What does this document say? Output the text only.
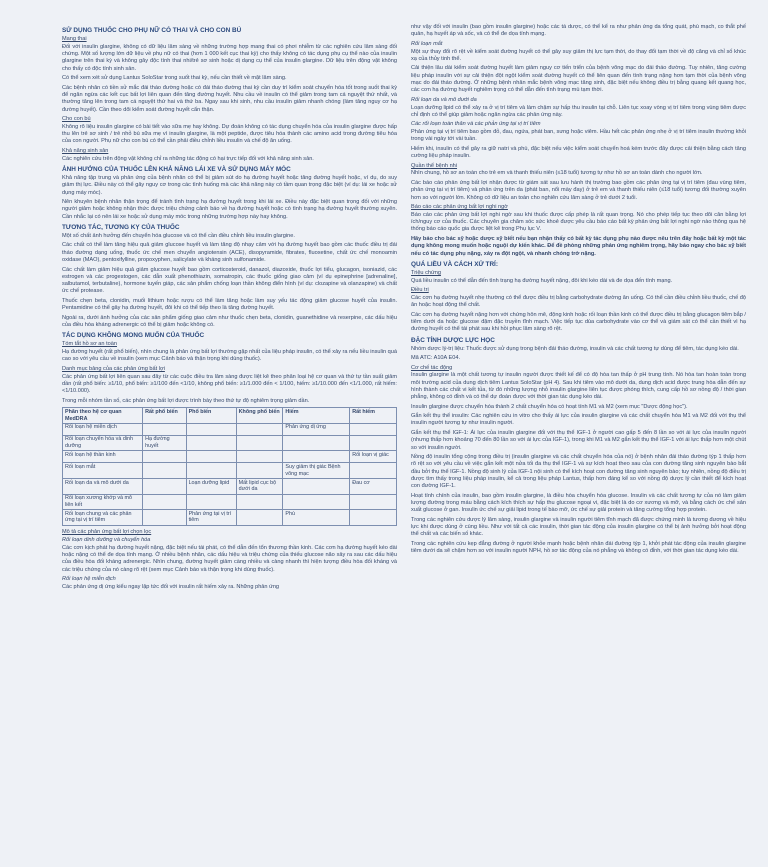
SỬ DỤNG THUỐC CHO PHỤ NỮ CÓ THAI VÀ CHO CON BÚ
Mang thai

Đối với insulin glargine, không có dữ liệu lâm sàng về những trường hợp mang thai có phơi nhiễm từ các nghiên cứu lâm sàng đối chứng. Một số lượng lớn dữ liệu về phụ nữ có thai (hơn 1 000 kết cục thai kỳ) cho thấy không có tác dụng phụ cụ thể nào của insulin glargine trên thai kỳ và không gây độc tính thai nhi/trẻ sơ sinh hoặc dị dạng cụ thể của insulin glargine. Dữ liệu trên động vật không cho thấy có độc tính sinh sản.

Có thể xem xét sử dụng Lantus SoloStar trong suốt thai kỳ, nếu cần thiết về mặt lâm sàng.

Các bệnh nhân có tiền sử mắc đái tháo đường hoặc có đái tháo đường thai kỳ cần duy trì kiểm soát chuyển hóa tốt trong suốt thai kỳ để ngăn ngừa các kết cục bất lợi liên quan đến tăng đường huyết. Nhu cầu về insulin có thể giảm trong tam cá nguyệt thứ nhất, và thường tăng lên trong tam cá nguyệt thứ hai và thứ ba. Ngay sau khi sinh, nhu cầu insulin giảm nhanh chóng (làm tăng nguy cơ hạ đường huyết). Cần theo dõi kiểm soát đường huyết cẩn thận.

Cho con bú

Không rõ liệu insulin glargine có bài tiết vào sữa mẹ hay không. Dự đoán không có tác dụng chuyển hóa của insulin glargine được hấp thu lên trẻ sơ sinh / trẻ nhỏ bú sữa mẹ vì insulin glargine, là một peptide, được tiêu hóa thành các amino acid trong đường tiêu hóa của con người. Phụ nữ cho con bú có thể cần phải điều chỉnh liều insulin và chế độ ăn uống.

Khả năng sinh sản

Các nghiên cứu trên động vật không chỉ ra những tác động có hại trực tiếp đối với khả năng sinh sản.

ẢNH HƯỞNG CỦA THUỐC LÊN KHẢ NĂNG LÁI XE VÀ SỬ DỤNG MÁY MÓC

Khả năng tập trung và phản ứng của bệnh nhân có thể bị giảm sút do hạ đường huyết hoặc tăng đường huyết hoặc, ví dụ, do suy giảm thị lực. Điều này có thể gây nguy cơ trong các tình huống mà các khả năng này có tầm quan trọng đặc biệt (ví dụ: lái xe hoặc sử dụng máy móc).

Nên khuyên bệnh nhân thận trọng để tránh tình trạng hạ đường huyết trong khi lái xe. Điều này đặc biệt quan trọng đối với những người giảm hoặc không nhận thức được triệu chứng cảnh báo về hạ đường huyết hoặc có tình trạng hạ đường huyết thường xuyên. Cần nhắc lại có nên lái xe hoặc sử dụng máy móc trong những trường hợp này hay không.

TƯƠNG TÁC, TƯƠNG KỴ CỦA THUỐC

Một số chất ảnh hưởng đến chuyển hóa glucose và có thể cần điều chỉnh liều insulin glargine.

Các chất có thể làm tăng hiệu quả giảm glucose huyết và làm tăng độ nhạy cảm với hạ đường huyết bao gồm các thuốc điều trị đái tháo đường dạng uống, thuốc ức chế men chuyển angiotensin (ACE), disopyramide, fibrates, fluoxetine, chất ức chế monoamin oxidase (MAO), pentoxifylline, propoxyphen, salicylate và kháng sinh sulfonamide.

Các chất làm giảm hiệu quả giảm glucose huyết bao gồm corticosteroid, danazol, diazoxide, thuốc lợi tiểu, glucagon, isoniazid, các estrogen và các progestogen, các dẫn xuất phenothiazin, somatropin, các thuốc giống giao cảm (ví dụ epinephrine [adrenaline], salbutamol, terbutaline), hormone tuyến giáp, các sản phẩm chống loạn thần không điển hình (ví dụ: clozapine và olanzapine) và chất ức chế protease.

Thuốc chẹn beta, clonidin, muối lithium hoặc rượu có thể làm tăng hoặc làm suy yếu tác động giảm glucose huyết của insulin. Pentamidine có thể gây hạ đường huyết, đôi khi có thể tiếp theo là tăng đường huyết.

Ngoài ra, dưới ảnh hưởng của các sản phẩm giống giao cảm như thuốc chẹn beta, clonidin, guanethidine và reserpine, các dấu hiệu của điều hòa kháng adrenergic có thể bị giảm hoặc không có.

TÁC DỤNG KHÔNG MONG MUỐN CỦA THUỐC
Tóm tắt hồ sơ an toàn

Hạ đường huyết (rất phổ biến), nhìn chung là phản ứng bất lợi thường gặp nhất của liệu pháp insulin, có thể xảy ra nếu liều insulin quá cao so với yêu cầu về insulin (xem mục Cảnh báo và thận trọng khi dùng thuốc).

Danh mục bảng của các phản ứng bất lợi

Các phản ứng bất lợi liên quan sau đây từ các cuộc điều tra lâm sàng được liệt kê theo phân loại hệ cơ quan và thứ tự tần suất giảm dần (rất phổ biến: ≥1/10, phổ biến: ≥1/100 đến <1/10, không phổ biến: ≥1/1.000 đến < 1/100, hiếm: ≥1/10.000 đến <1/1.000, rất hiếm: <1/10.000).

Trong mỗi nhóm tần số, các phản ứng bất lợi được trình bày theo thứ tự độ nghiêm trọng giảm dần.

Phân theo hệ cơ quan MedDRA	Rất phổ biến	Phổ biến	Không phổ biến	Hiếm	Rất hiếm
Rối loạn hệ miễn dịch				Phản ứng dị ứng	
Rối loạn chuyển hóa và dinh dưỡng	Hạ đường huyết				
Rối loạn hệ thần kinh					Rối loạn vị giác
Rối loạn mắt				Suy giảm thị giác Bệnh võng mạc	
Rối loạn da và mô dưới da		Loạn dưỡng lipid	Mất lipid cục bộ dưới da		Đau cơ
Rối loạn xương khớp và mô liên kết					
Rối loạn chung và các phản ứng tại vị trí tiêm		Phản ứng tại vị trí tiêm		Phù	
Mô tả các phản ứng bất lợi chọn lọc
Rối loạn dinh dưỡng và chuyển hóa

Các cơn kịch phát hạ đường huyết nặng, đặc biệt nếu tái phát, có thể dẫn đến tổn thương thần kinh. Các cơn hạ đường huyết kéo dài hoặc nặng có thể đe dọa tính mạng. Ở nhiều bệnh nhân, các dấu hiệu và triệu chứng của thiếu glucose não xảy ra sau các dấu hiệu của điều hòa đối kháng adrenergic. Nhìn chung, đường huyết giảm càng nhiều và càng nhanh thì hiện tượng điều hòa đối kháng và các triệu chứng của nó càng rõ rệt (xem mục Cảnh báo và thận trọng khi dùng thuốc).

Rối loạn hệ miễn dịch

Các phản ứng dị ứng kiểu ngay lập tức đối với insulin rất hiếm xảy ra. Những phản ứng

như vậy đối với insulin (bao gồm insulin glargine) hoặc các tá dược, có thể kể ra như phản ứng da tổng quát, phù mạch, co thắt phế quản, hạ huyết áp và sốc, và có thể đe dọa tính mạng.

Rối loạn mắt

Một sự thay đổi rõ rệt về kiểm soát đường huyết có thể gây suy giảm thị lực tạm thời, do thay đổi tạm thời về độ căng và chỉ số khúc xạ của thủy tinh thể.

Cải thiện lâu dài kiểm soát đường huyết làm giảm nguy cơ tiến triển của bệnh võng mạc do đái tháo đường. Tuy nhiên, tăng cường liệu pháp insulin với sự cải thiện đột ngột kiểm soát đường huyết có thể liên quan đến tình trạng nặng hơn tạm thời của bệnh võng mạc do đái tháo đường. Ở những bệnh nhân mắc bệnh võng mạc tăng sinh, đặc biệt nếu không điều trị bằng quang kết quang học, các cơn hạ đường huyết nghiêm trọng có thể dẫn đến tình trạng mù tạm thời.

Rối loạn da và mô dưới da

Loạn dưỡng lipid có thể xảy ra ở vị trí tiêm và làm chậm sự hấp thu insulin tại chỗ. Liên tục xoay vòng vị trí tiêm trong vùng tiêm được chỉ định có thể giúp giảm hoặc ngăn ngừa các phản ứng này.

Các rối loạn toàn thân và các phản ứng tại vị trí tiêm

Phản ứng tại vị trí tiêm bao gồm đỏ, đau, ngứa, phát ban, sưng hoặc viêm. Hầu hết các phản ứng nhẹ ở vị trí tiêm insulin thường khỏi trong vài ngày tới vài tuần.

Hiếm khi, insulin có thể gây ra giữ natri và phù, đặc biệt nếu việc kiểm soát chuyển hoá kém trước đây được cải thiện bằng cách tăng cường liệu pháp insulin.

Quần thể bệnh nhi

Nhìn chung, hồ sơ an toàn cho trẻ em và thanh thiếu niên (≤18 tuổi) tương tự như hồ sơ an toàn dành cho người lớn.

Các báo cáo phản ứng bất lợi nhận được từ giám sát sau lưu hành thị trường bao gồm các phản ứng tại vị trí tiêm (đau vùng tiêm, phản ứng tại vị trí tiêm) và phản ứng trên da (phát ban, nổi mày đay) ở trẻ em và thanh thiếu niên (≤18 tuổi) tương đối thường xuyên hơn so với người lớn. Không có dữ liệu an toàn cho nghiên cứu lâm sàng ở trẻ dưới 2 tuổi.

Báo cáo các phản ứng bất lợi nghi ngờ

Báo cáo các phản ứng bất lợi nghi ngờ sau khi thuốc được cấp phép là rất quan trọng. Nó cho phép tiếp tục theo dõi cân bằng lợi ích/nguy cơ của thuốc. Các chuyên gia chăm sóc sức khoẻ được yêu cầu báo cáo bất kỳ phản ứng bất lợi nghi ngờ nào thông qua hệ thống báo cáo quốc gia được liệt kê trong Phụ lục V.

Hãy báo cho bác sỹ hoặc dược sỹ biết nếu bạn nhận thấy có bất kỳ tác dụng phụ nào được nêu trên đây hoặc bất kỳ một tác dụng không mong muốn hoặc nguội dự kiến khác. Để đề phòng những phản ứng nghiêm trọng, hãy báo ngay cho bác sỹ biết nếu có tác dụng phụ nặng, xảy ra đột ngột, và nhanh chóng trở nặng.

QUÁ LIỀU VÀ CÁCH XỬ TRÍ:
Triệu chứng

Quá liều insulin có thể dẫn đến tình trạng hạ đường huyết nặng, đôi khi kéo dài và đe dọa đến tính mạng.

Điều trị

Các cơn hạ đường huyết nhẹ thường có thể được điều trị bằng carbohydrate đường ăn uống. Có thể cần điều chỉnh liều thuốc, chế độ ăn hoặc hoạt động thể chất.

Các cơn hạ đường huyết nặng hơn với chứng hôn mê, động kinh hoặc rối loạn thần kinh có thể được điều trị bằng glucagon tiêm bắp / tiêm dưới da hoặc glucose đậm đặc truyền tĩnh mạch. Việc tiếp tục dùa carbohydrate vào cơ thể và giám sát có thể cần thiết vì hạ đường huyết có thể tái phát sau khi hồi phục lâm sàng rõ rệt.

ĐẶC TÍNH DƯỢC LỰC HỌC

Nhóm dược lý-trị liệu: Thuốc được sử dụng trong bệnh đái tháo đường, insulin và các chất tương tự dùng để tiêm, tác dụng kéo dài.

Mã ATC: A10A E04.

Cơ chế tác động

Insulin glargine là một chất tương tự insulin người được thiết kế để có độ hòa tan thấp ở pH trung tính. Nó hòa tan hoàn toàn trong môi trường acid của dung dịch tiêm Lantus SoloStar (pH 4). Sau khi tiêm vào mô dưới da, dung dịch acid được trung hòa dẫn đến sự hình thành các chất vi kết tủa, từ đó những lượng nhỏ insulin glargine liên tục được phóng thích, cung cấp hồ sơ nồng độ / thời gian phẳng, không có đỉnh và có thể dự đoán được với thời gian tác dụng kéo dài.

Insulin glargine được chuyển hóa thành 2 chất chuyển hóa có hoạt tính M1 và M2 (xem mục "Dược động học").

Gắn kết thụ thể insulin: Các nghiên cứu in vitro cho thấy ái lực của insulin glargine và các chất chuyển hóa M1 và M2 đối với thụ thể insulin người tương tự như insulin người.

Gắn kết thụ thể IGF-1: Ái lực của insulin glargine đối với thụ thể IGF-1 ở người cao gấp 5 đến 8 lần so với ái lực của insulin người (nhưng thấp hơn khoảng 70 đến 80 lần so với ái lực của IGF-1), trong khi M1 và M2 gắn kết thụ thể IGF-1 với ái lực thấp hơn một chút so với insulin người.

Nồng độ insulin tổng cộng trong điều trị (insulin glargine và các chất chuyển hóa của nó) ở bệnh nhân đái tháo đường týp 1 thấp hơn rõ rệt so với yêu cầu về việc gắn kết một nửa tối đa thụ thể IGF-1 và sự kích hoạt theo sau của con đường tăng sinh nguyên bào bắt đầu bởi thụ thể IGF-1. Nồng độ sinh lý của IGF-1 nội sinh có thể kích hoạt con đường tăng sinh nguyên bào; tuy nhiên, nồng độ điều trị được tìm thấy trong liệu pháp insulin, kể cả trong liệu pháp Lantus, thấp hơn đáng kể so với nồng độ dược lý cần thiết để kích hoạt con đường IGF-1.

Hoạt tính chính của insulin, bao gồm insulin glargine, là điều hòa chuyển hóa glucose. Insulin và các chất tương tự của nó làm giảm lượng đường trong máu bằng cách kích thích sự hấp thu glucose ngoại vi, đặc biệt là do cơ xương và mỡ, và bằng cách ức chế sản xuất glucose ở gan. Insulin ức chế sự giải lipid trong tế bào mỡ, ức chế sự giải protein và tăng cường tổng hợp protein.

Trong các nghiên cứu dược lý lâm sàng, insulin glargine và insulin người tiêm tĩnh mạch đã được chứng minh là tương đương về hiệu lực khi được dùng ở cùng liều. Như với tất cả các insulin, thời gian tác động của insulin glargine có thể bị ảnh hưởng bởi hoạt động thể chất và các biến số khác.

Trong các nghiên cứu kẹp đẳng đường ở người khỏe mạnh hoặc bệnh nhân đái đường týp 1, khởi phát tác động của insulin glargine tiêm dưới da sẽ chậm hơn so với insulin người NPH, hồ sơ tác động của nó phẳng và không có đỉnh, với thời gian tác dụng kéo dài.
